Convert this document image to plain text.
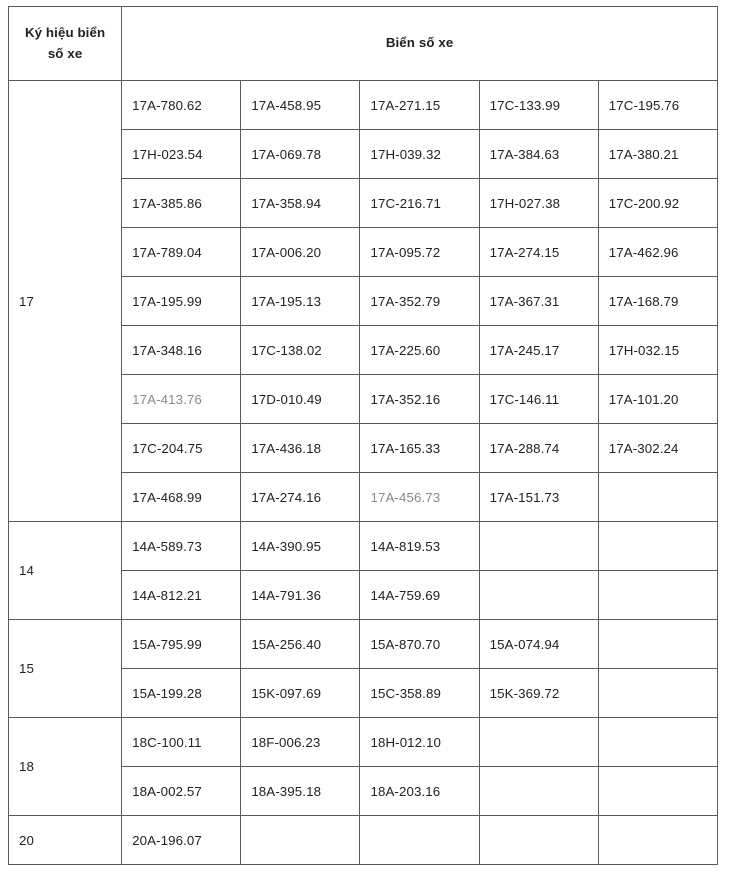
Ký hiệu biển
số xe	Biển số xe				
17	17A-780.62	17A-458.95	17A-271.15	17C-133.99	17C-195.76
	17H-023.54	17A-069.78	17H-039.32	17A-384.63	17A-380.21
	17A-385.86	17A-358.94	17C-216.71	17H-027.38	17C-200.92
	17A-789.04	17A-006.20	17A-095.72	17A-274.15	17A-462.96
	17A-195.99	17A-195.13	17A-352.79	17A-367.31	17A-168.79
	17A-348.16	17C-138.02	17A-225.60	17A-245.17	17H-032.15
	17A-413.76	17D-010.49	17A-352.16	17C-146.11	17A-101.20
	17C-204.75	17A-436.18	17A-165.33	17A-288.74	17A-302.24
	17A-468.99	17A-274.16	17A-456.73	17A-151.73	
14	14A-589.73	14A-390.95	14A-819.53		
	14A-812.21	14A-791.36	14A-759.69		
15	15A-795.99	15A-256.40	15A-870.70	15A-074.94	
	15A-199.28	15K-097.69	15C-358.89	15K-369.72	
18	18C-100.11	18F-006.23	18H-012.10		
	18A-002.57	18A-395.18	18A-203.16		
20	20A-196.07				
